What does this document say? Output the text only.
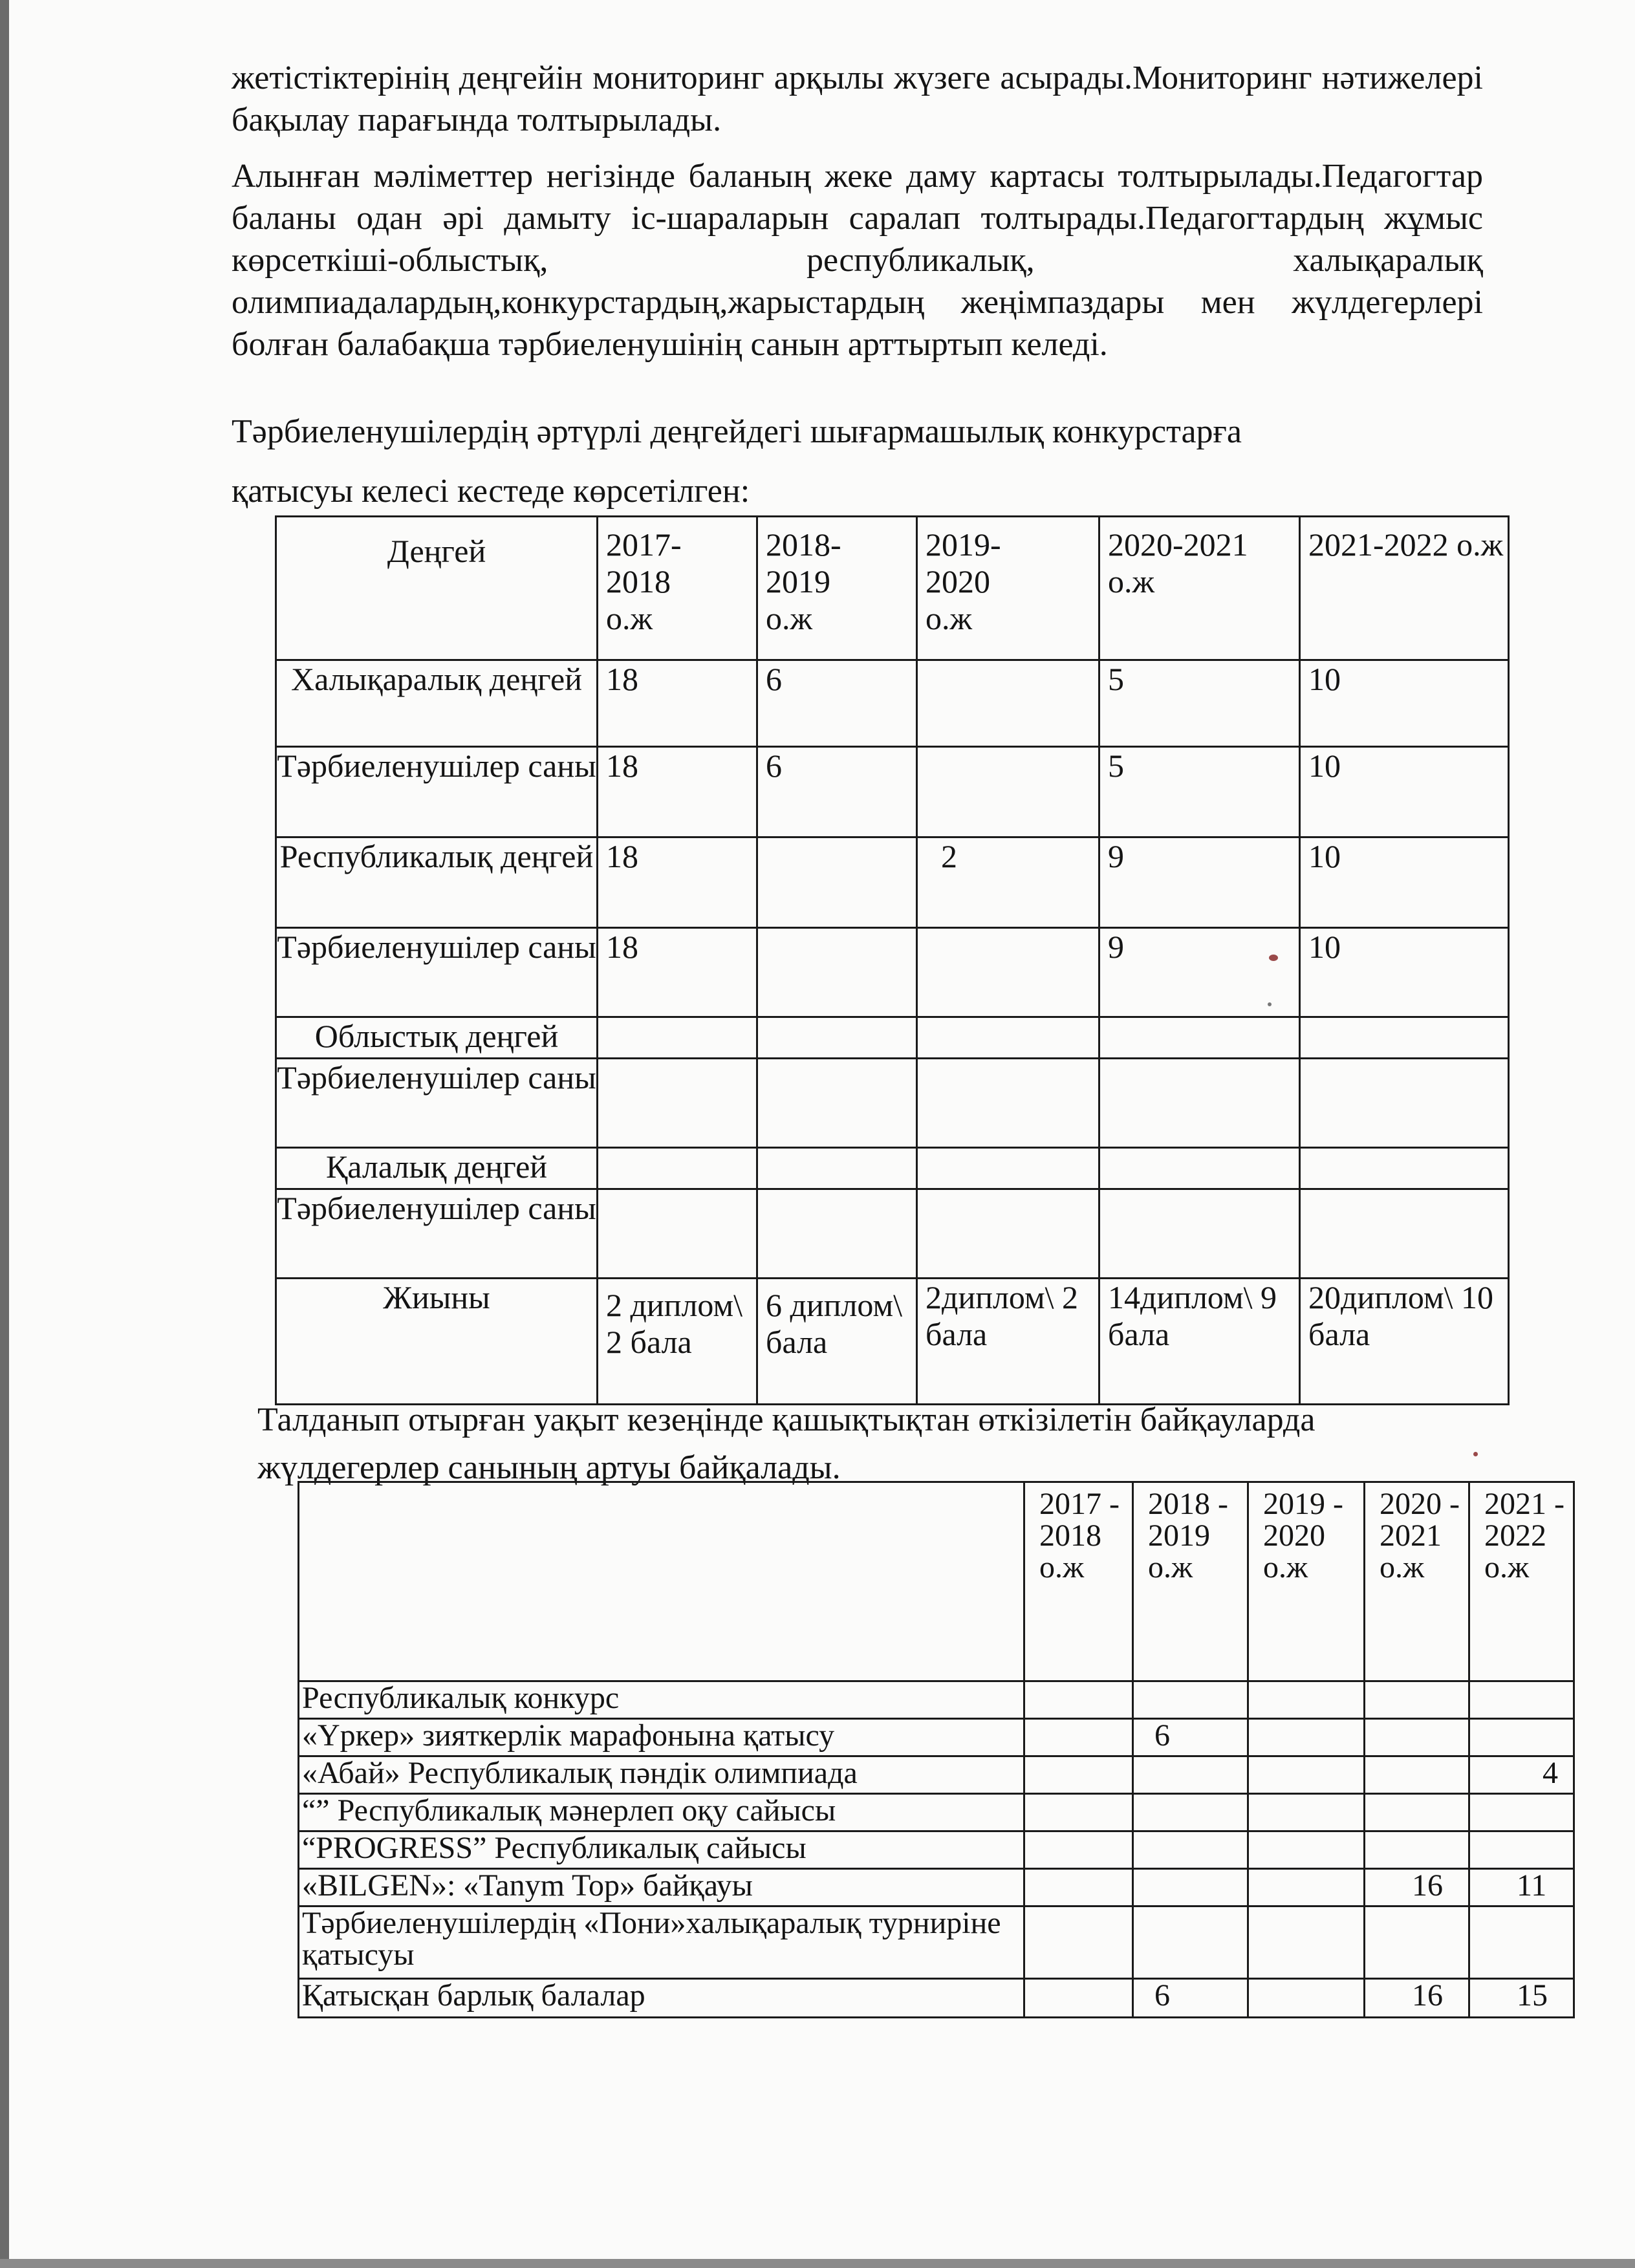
жетістіктерінің деңгейін мониторинг арқылы жүзеге асырады.Мониторинг нәтижелері бақылау парағында толтырылады.

Алынған мәліметтер негізінде баланың жеке даму картасы толтырылады.Педагогтар баланы одан әрі дамыту іс-шараларын саралап толтырады.Педагогтардың жұмыс көрсеткіші-облыстық, республикалық, халықаралық олимпиадалардың,конкурстардың,жарыстардың жеңімпаздары мен жүлдегерлері болған балабақша тәрбиеленушінің санын арттыртып келеді.

Тәрбиеленушілердің әртүрлі деңгейдегі шығармашылық конкурстарға

қатысуы келесі кестеде көрсетілген:

Деңгей	2017-2018 о.ж	2018-2019 о.ж	2019-2020 о.ж	2020-2021 о.ж	2021-2022 о.ж
Халықаралық деңгей	18	6		5	10
Тәрбиеленушілер саны	18	6		5	10
Республикалық деңгей	18		2	9	10
Тәрбиеленушілер саны	18			9	10
Облыстық деңгей					
Тәрбиеленушілер саны					
Қалалық деңгей					
Тәрбиеленушілер саны					
Жиыны	2 диплом\ 2 бала	6 диплом\ бала	2диплом\ 2 бала	14диплом\ 9 бала	20диплом\ 10 бала

Талданып отырған уақыт кезеңінде қашықтықтан өткізілетін байқауларда

жүлдегерлер санының артуы байқалады.

	2017 - 2018 о.ж	2018 - 2019 о.ж	2019 - 2020 о.ж	2020 - 2021 о.ж	2021 - 2022 о.ж
Республикалық конкурс					
«Үркер» зияткерлік марафонына қатысу		6			
«Абай» Республикалық пәндік олимпиада					4
“” Республикалық мәнерлеп оқу сайысы					
“PROGRESS” Республикалық сайысы					
«BILGEN»: «Tanym Top» байқауы				16	11
Тәрбиеленушілердің «Пони»халықаралық турниріне қатысуы					
Қатысқан барлық балалар		6		16	15
